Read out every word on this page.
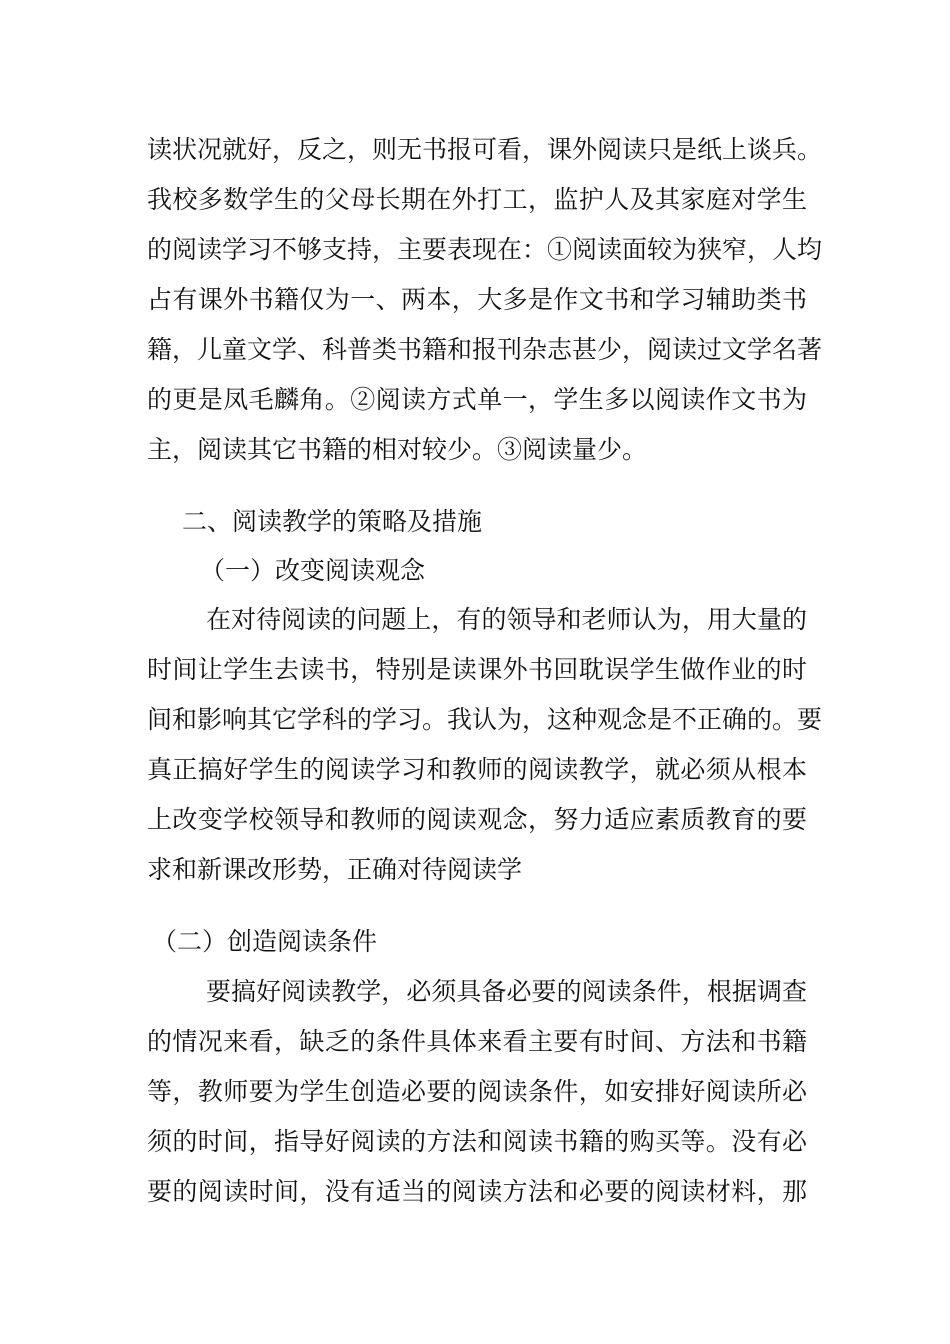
读状况就好，反之，则无书报可看，课外阅读只是纸上谈兵。
我校多数学生的父母长期在外打工，监护人及其家庭对学生
的阅读学习不够支持，主要表现在：①阅读面较为狭窄，人均
占有课外书籍仅为一、两本，大多是作文书和学习辅助类书
籍，儿童文学、科普类书籍和报刊杂志甚少，阅读过文学名著
的更是凤毛麟角。②阅读方式单一，学生多以阅读作文书为
主，阅读其它书籍的相对较少。③阅读量少。
二、阅读教学的策略及措施
（一）改变阅读观念
在对待阅读的问题上，有的领导和老师认为，用大量的
时间让学生去读书，特别是读课外书回耽误学生做作业的时
间和影响其它学科的学习。我认为，这种观念是不正确的。要
真正搞好学生的阅读学习和教师的阅读教学，就必须从根本
上改变学校领导和教师的阅读观念，努力适应素质教育的要
求和新课改形势，正确对待阅读学
（二）创造阅读条件
要搞好阅读教学，必须具备必要的阅读条件，根据调查
的情况来看，缺乏的条件具体来看主要有时间、方法和书籍
等，教师要为学生创造必要的阅读条件，如安排好阅读所必
须的时间，指导好阅读的方法和阅读书籍的购买等。没有必
要的阅读时间，没有适当的阅读方法和必要的阅读材料，那
